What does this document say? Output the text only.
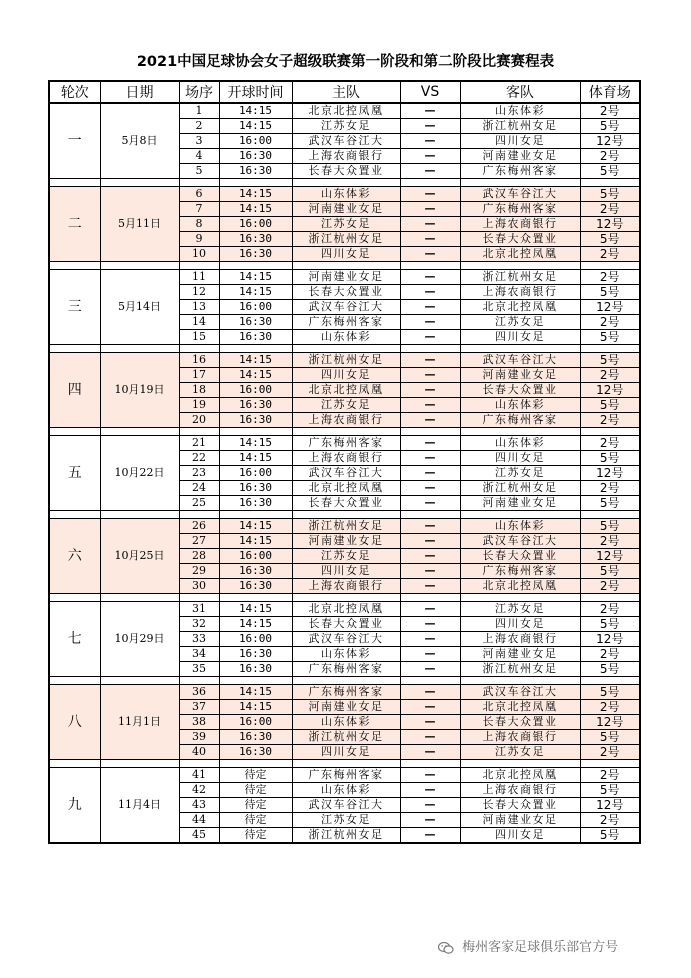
2021中国足球协会女子超级联赛第一阶段和第二阶段比赛赛程表
轮次	日期	场序	开球时间	主队	VS	客队	体育场
一	5月8日	1	14:15	北京北控凤凰	—	山东体彩	2号
		2	14:15	江苏女足	—	浙江杭州女足	5号
		3	16:00	武汉车谷江大	—	四川女足	12号
		4	16:30	上海农商银行	—	河南建业女足	2号
		5	16:30	长春大众置业	—	广东梅州客家	5号

二	5月11日	6	14:15	山东体彩	—	武汉车谷江大	5号
		7	14:15	河南建业女足	—	广东梅州客家	2号
		8	16:00	江苏女足	—	上海农商银行	12号
		9	16:30	浙江杭州女足	—	长春大众置业	5号
		10	16:30	四川女足	—	北京北控凤凰	2号

三	5月14日	11	14:15	河南建业女足	—	浙江杭州女足	2号
		12	14:15	长春大众置业	—	上海农商银行	5号
		13	16:00	武汉车谷江大	—	北京北控凤凰	12号
		14	16:30	广东梅州客家	—	江苏女足	2号
		15	16:30	山东体彩	—	四川女足	5号

四	10月19日	16	14:15	浙江杭州女足	—	武汉车谷江大	5号
		17	14:15	四川女足	—	河南建业女足	2号
		18	16:00	北京北控凤凰	—	长春大众置业	12号
		19	16:30	江苏女足	—	山东体彩	5号
		20	16:30	上海农商银行	—	广东梅州客家	2号

五	10月22日	21	14:15	广东梅州客家	—	山东体彩	2号
		22	14:15	上海农商银行	—	四川女足	5号
		23	16:00	武汉车谷江大	—	江苏女足	12号
		24	16:30	北京北控凤凰	—	浙江杭州女足	2号
		25	16:30	长春大众置业	—	河南建业女足	5号

六	10月25日	26	14:15	浙江杭州女足	—	山东体彩	5号
		27	14:15	河南建业女足	—	武汉车谷江大	2号
		28	16:00	江苏女足	—	长春大众置业	12号
		29	16:30	四川女足	—	广东梅州客家	5号
		30	16:30	上海农商银行	—	北京北控凤凰	2号

七	10月29日	31	14:15	北京北控凤凰	—	江苏女足	2号
		32	14:15	长春大众置业	—	四川女足	5号
		33	16:00	武汉车谷江大	—	上海农商银行	12号
		34	16:30	山东体彩	—	河南建业女足	2号
		35	16:30	广东梅州客家	—	浙江杭州女足	5号

八	11月1日	36	14:15	广东梅州客家	—	武汉车谷江大	5号
		37	14:15	河南建业女足	—	北京北控凤凰	2号
		38	16:00	山东体彩	—	长春大众置业	12号
		39	16:30	浙江杭州女足	—	上海农商银行	5号
		40	16:30	四川女足	—	江苏女足	2号

九	11月4日	41	待定	广东梅州客家	—	北京北控凤凰	2号
		42	待定	山东体彩	—	上海农商银行	5号
		43	待定	武汉车谷江大	—	长春大众置业	12号
		44	待定	江苏女足	—	河南建业女足	2号
		45	待定	浙江杭州女足	—	四川女足	5号
梅州客家足球俱乐部官方号
